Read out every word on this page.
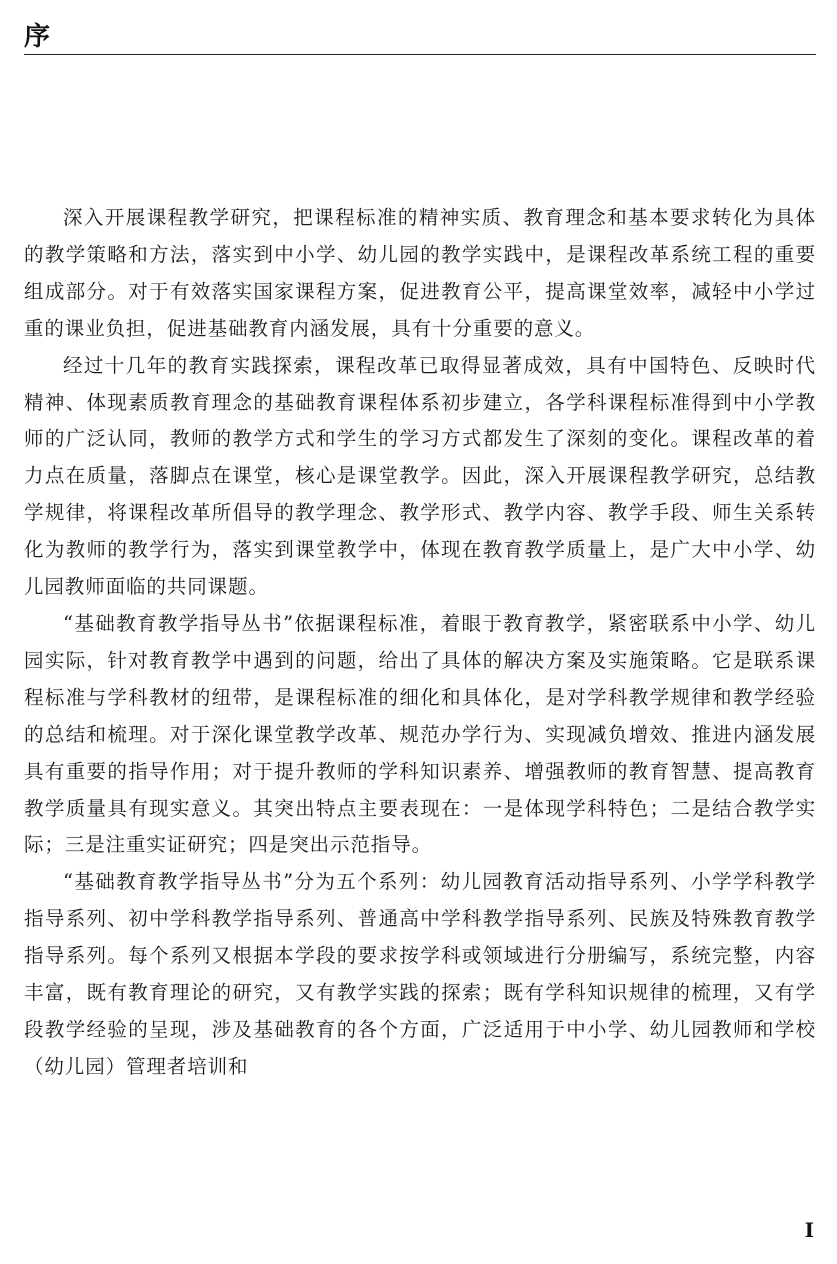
序

深入开展课程教学研究，把课程标准的精神实质、教育理念和基本要求转化为具体的教学策略和方法，落实到中小学、幼儿园的教学实践中，是课程改革系统工程的重要组成部分。对于有效落实国家课程方案，促进教育公平，提高课堂效率，减轻中小学过重的课业负担，促进基础教育内涵发展，具有十分重要的意义。

经过十几年的教育实践探索，课程改革已取得显著成效，具有中国特色、反映时代精神、体现素质教育理念的基础教育课程体系初步建立，各学科课程标准得到中小学教师的广泛认同，教师的教学方式和学生的学习方式都发生了深刻的变化。课程改革的着力点在质量，落脚点在课堂，核心是课堂教学。因此，深入开展课程教学研究，总结教学规律，将课程改革所倡导的教学理念、教学形式、教学内容、教学手段、师生关系转化为教师的教学行为，落实到课堂教学中，体现在教育教学质量上，是广大中小学、幼儿园教师面临的共同课题。

“基础教育教学指导丛书”依据课程标准，着眼于教育教学，紧密联系中小学、幼儿园实际，针对教育教学中遇到的问题，给出了具体的解决方案及实施策略。它是联系课程标准与学科教材的纽带，是课程标准的细化和具体化，是对学科教学规律和教学经验的总结和梳理。对于深化课堂教学改革、规范办学行为、实现减负增效、推进内涵发展具有重要的指导作用；对于提升教师的学科知识素养、增强教师的教育智慧、提高教育教学质量具有现实意义。其突出特点主要表现在：一是体现学科特色；二是结合教学实际；三是注重实证研究；四是突出示范指导。

“基础教育教学指导丛书”分为五个系列：幼儿园教育活动指导系列、小学学科教学指导系列、初中学科教学指导系列、普通高中学科教学指导系列、民族及特殊教育教学指导系列。每个系列又根据本学段的要求按学科或领域进行分册编写，系统完整，内容丰富，既有教育理论的研究，又有教学实践的探索；既有学科知识规律的梳理，又有学段教学经验的呈现，涉及基础教育的各个方面，广泛适用于中小学、幼儿园教师和学校（幼儿园）管理者培训和

I
